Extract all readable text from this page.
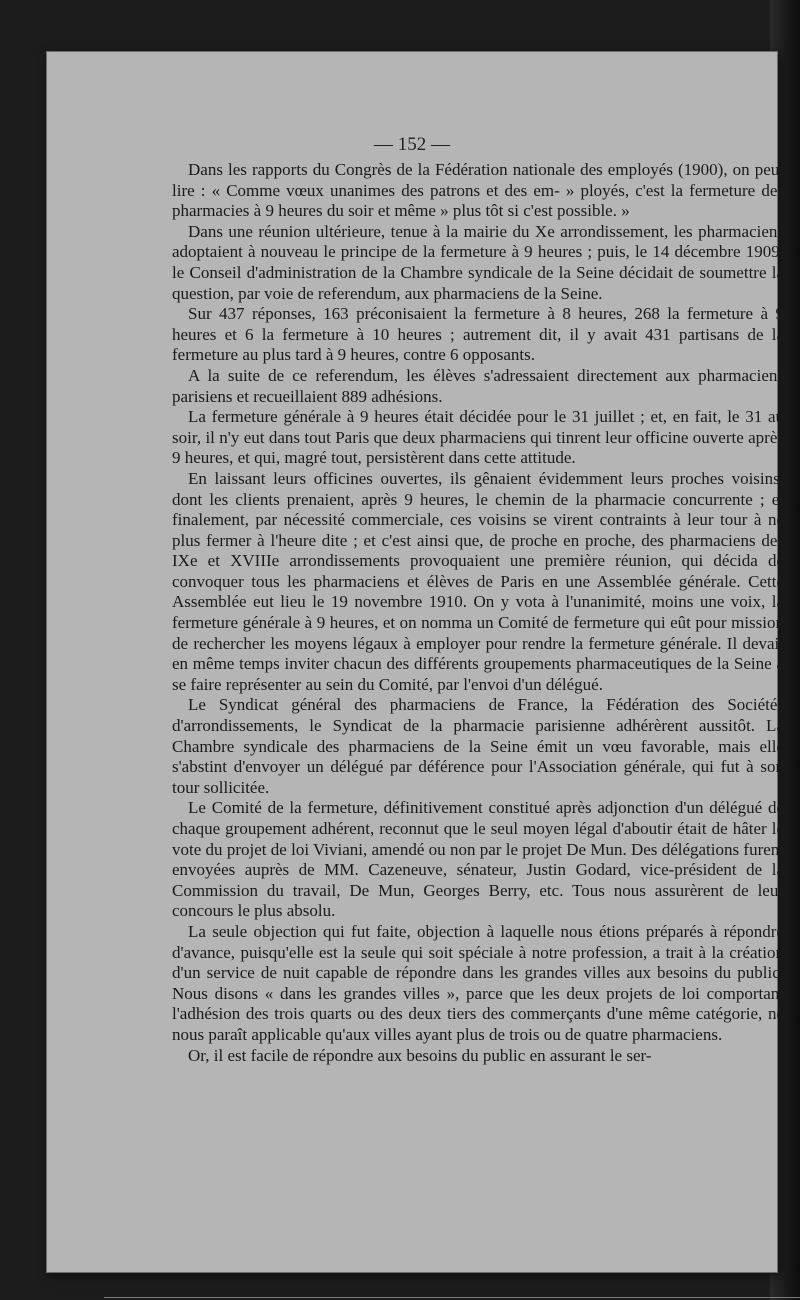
— 152 —

Dans les rapports du Congrès de la Fédération nationale des employés (1900), on peut lire : « Comme vœux unanimes des patrons et des em- » ployés, c'est la fermeture des pharmacies à 9 heures du soir et même » plus tôt si c'est possible. »

Dans une réunion ultérieure, tenue à la mairie du Xe arrondissement, les pharmaciens adoptaient à nouveau le principe de la fermeture à 9 heures ; puis, le 14 décembre 1909, le Conseil d'administration de la Chambre syndicale de la Seine décidait de soumettre la question, par voie de referendum, aux pharmaciens de la Seine.

Sur 437 réponses, 163 préconisaient la fermeture à 8 heures, 268 la fermeture à 9 heures et 6 la fermeture à 10 heures ; autrement dit, il y avait 431 partisans de la fermeture au plus tard à 9 heures, contre 6 opposants.

A la suite de ce referendum, les élèves s'adressaient directement aux pharmaciens parisiens et recueillaient 889 adhésions.

La fermeture générale à 9 heures était décidée pour le 31 juillet ; et, en fait, le 31 au soir, il n'y eut dans tout Paris que deux pharmaciens qui tinrent leur officine ouverte après 9 heures, et qui, magré tout, persistèrent dans cette attitude.

En laissant leurs officines ouvertes, ils gênaient évidemment leurs proches voisins, dont les clients prenaient, après 9 heures, le chemin de la pharmacie concurrente ; et finalement, par nécessité commerciale, ces voisins se virent contraints à leur tour à ne plus fermer à l'heure dite ; et c'est ainsi que, de proche en proche, des pharmaciens des IXe et XVIIIe arrondissements provoquaient une première réunion, qui décida de convoquer tous les pharmaciens et élèves de Paris en une Assemblée générale. Cette Assemblée eut lieu le 19 novembre 1910. On y vota à l'unanimité, moins une voix, la fermeture générale à 9 heures, et on nomma un Comité de fermeture qui eût pour mission de rechercher les moyens légaux à employer pour rendre la fermeture générale. Il devait en même temps inviter chacun des différents groupements pharmaceutiques de la Seine à se faire représenter au sein du Comité, par l'envoi d'un délégué.

Le Syndicat général des pharmaciens de France, la Fédération des Sociétés d'arrondissements, le Syndicat de la pharmacie parisienne adhérèrent aussitôt. La Chambre syndicale des pharmaciens de la Seine émit un vœu favorable, mais elle s'abstint d'envoyer un délégué par déférence pour l'Association générale, qui fut à son tour sollicitée.

Le Comité de la fermeture, définitivement constitué après adjonction d'un délégué de chaque groupement adhérent, reconnut que le seul moyen légal d'aboutir était de hâter le vote du projet de loi Viviani, amendé ou non par le projet De Mun. Des délégations furent envoyées auprès de MM. Cazeneuve, sénateur, Justin Godard, vice-président de la Commission du travail, De Mun, Georges Berry, etc. Tous nous assurèrent de leur concours le plus absolu.

La seule objection qui fut faite, objection à laquelle nous étions préparés à répondre d'avance, puisqu'elle est la seule qui soit spéciale à notre profession, a trait à la création d'un service de nuit capable de répondre dans les grandes villes aux besoins du public. Nous disons « dans les grandes villes », parce que les deux projets de loi comportant l'adhésion des trois quarts ou des deux tiers des commerçants d'une même catégorie, ne nous paraît applicable qu'aux villes ayant plus de trois ou de quatre pharmaciens.

Or, il est facile de répondre aux besoins du public en assurant le ser-
